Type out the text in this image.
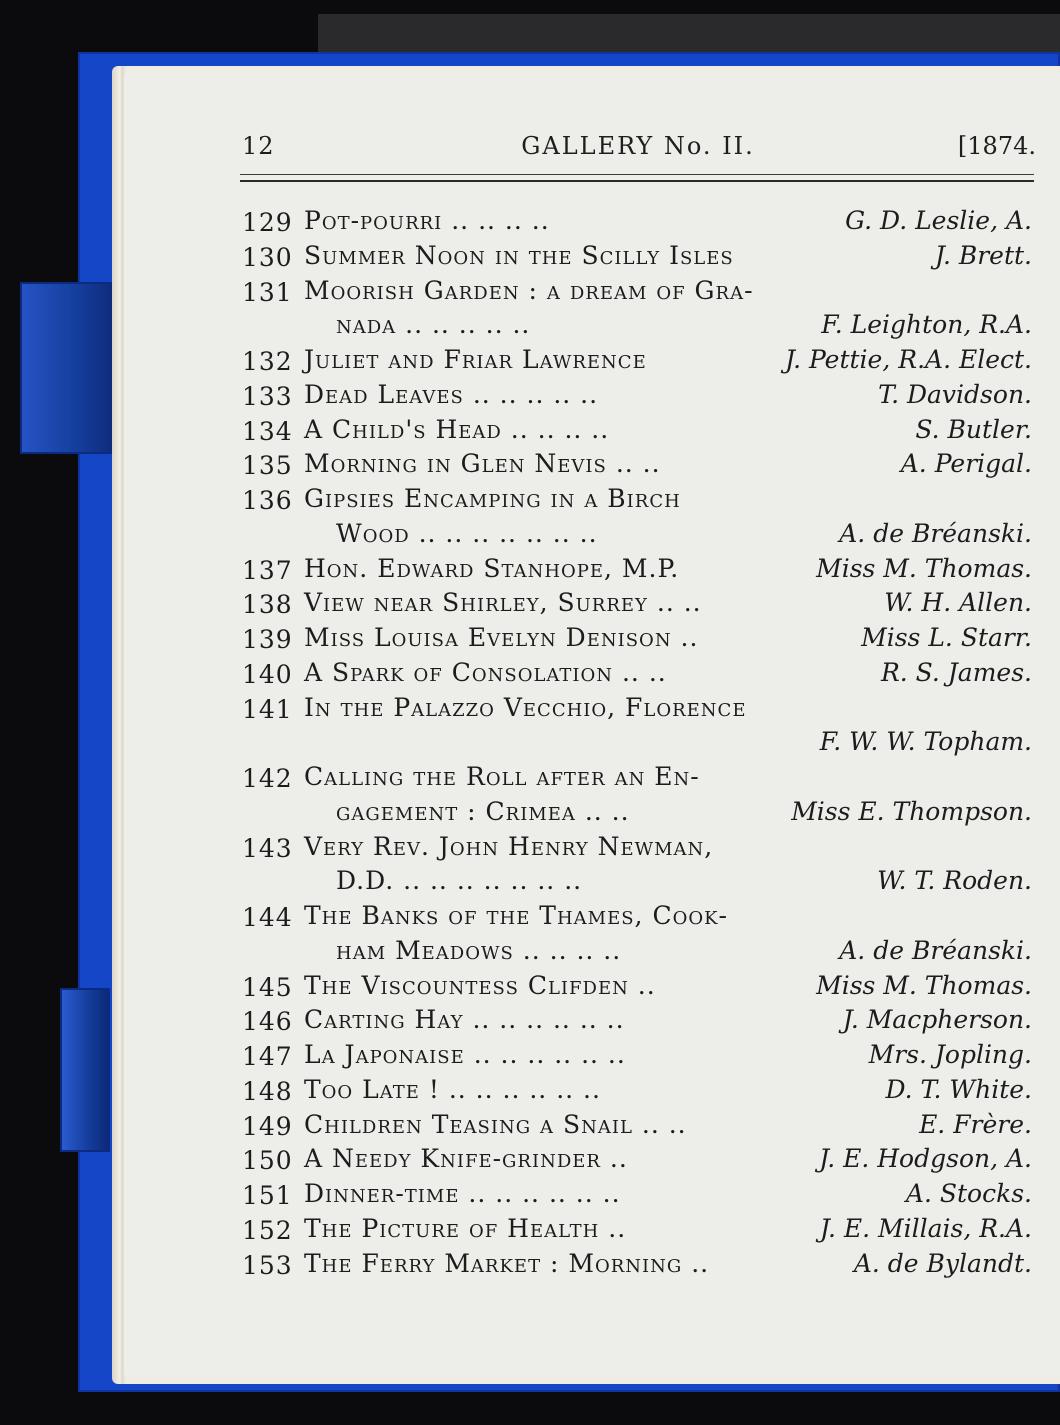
12	GALLERY No. II.	[1874.
129 Pot-pourri .. .. .. ..	G. D. Leslie, A.
130 Summer Noon in the Scilly Isles	J. Brett.
131 Moorish Garden : a dream of Gra-
nada .. .. .. .. ..	F. Leighton, R.A.
132 Juliet and Friar Lawrence	J. Pettie, R.A. Elect.
133 Dead Leaves .. .. .. .. ..	T. Davidson.
134 A Child's Head .. .. .. ..	S. Butler.
135 Morning in Glen Nevis .. ..	A. Perigal.
136 Gipsies Encamping in a Birch
Wood .. .. .. .. .. .. ..	A. de Bréanski.
137 Hon. Edward Stanhope, M.P.	Miss M. Thomas.
138 View near Shirley, Surrey .. ..	W. H. Allen.
139 Miss Louisa Evelyn Denison ..	Miss L. Starr.
140 A Spark of Consolation .. ..	R. S. James.
141 In the Palazzo Vecchio, Florence
F. W. W. Topham.
142 Calling the Roll after an En-
gagement : Crimea .. ..	Miss E. Thompson.
143 Very Rev. John Henry Newman,
D.D. .. .. .. .. .. .. ..	W. T. Roden.
144 The Banks of the Thames, Cook-
ham Meadows .. .. .. ..	A. de Bréanski.
145 The Viscountess Clifden ..	Miss M. Thomas.
146 Carting Hay .. .. .. .. .. ..	J. Macpherson.
147 La Japonaise .. .. .. .. .. ..	Mrs. Jopling.
148 Too Late ! .. .. .. .. .. ..	D. T. White.
149 Children Teasing a Snail .. ..	E. Frère.
150 A Needy Knife-grinder ..	J. E. Hodgson, A.
151 Dinner-time .. .. .. .. .. ..	A. Stocks.
152 The Picture of Health ..	J. E. Millais, R.A.
153 The Ferry Market : Morning ..	A. de Bylandt.
